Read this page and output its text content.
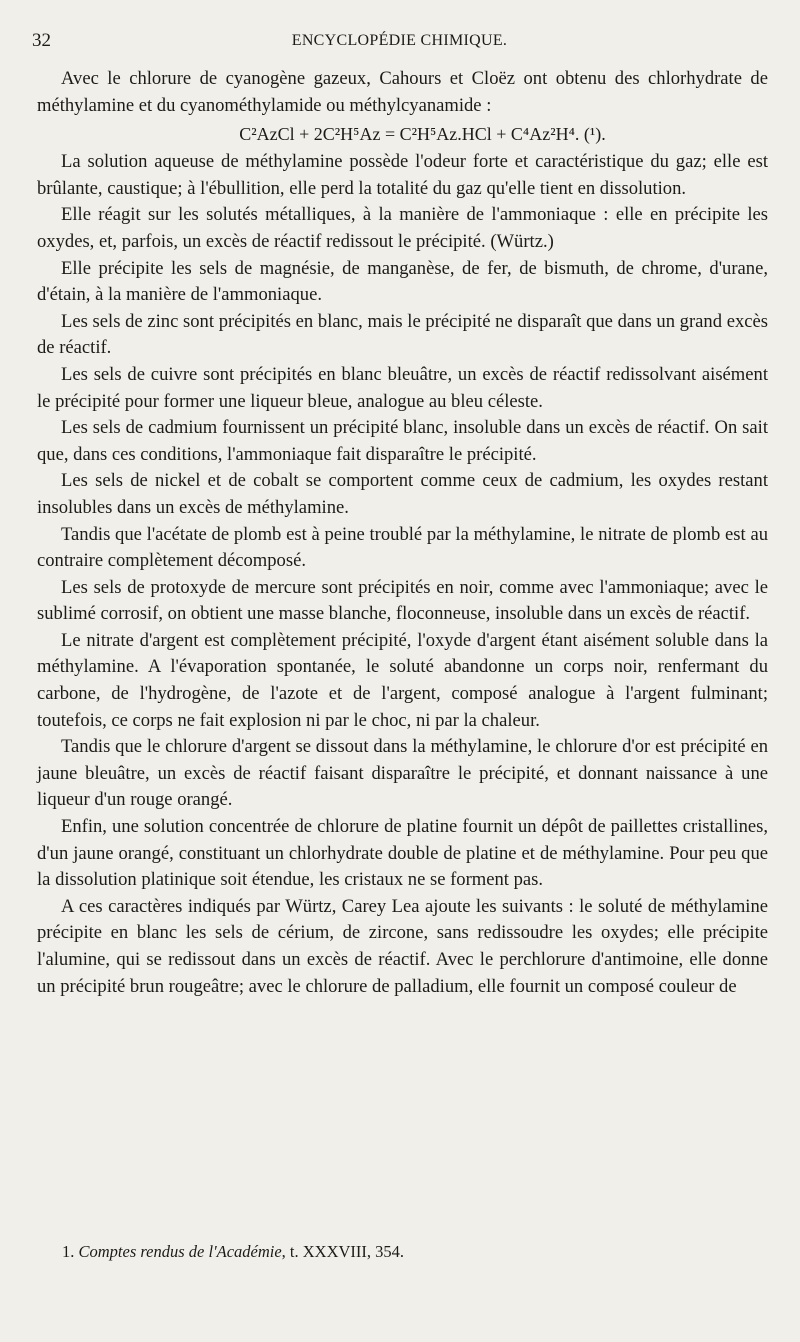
32	ENCYCLOPÉDIE CHIMIQUE.

Avec le chlorure de cyanogène gazeux, Cahours et Cloëz ont obtenu des chlorhydrate de méthylamine et du cyanométhylamide ou méthylcyanamide :

C²AzCl + 2C²H⁵Az = C²H⁵Az.HCl + C⁴Az²H⁴. (¹).

La solution aqueuse de méthylamine possède l'odeur forte et caractéristique du gaz; elle est brûlante, caustique; à l'ébullition, elle perd la totalité du gaz qu'elle tient en dissolution.

Elle réagit sur les solutés métalliques, à la manière de l'ammoniaque : elle en précipite les oxydes, et, parfois, un excès de réactif redissout le précipité. (Würtz.)

Elle précipite les sels de magnésie, de manganèse, de fer, de bismuth, de chrome, d'urane, d'étain, à la manière de l'ammoniaque.

Les sels de zinc sont précipités en blanc, mais le précipité ne disparaît que dans un grand excès de réactif.

Les sels de cuivre sont précipités en blanc bleuâtre, un excès de réactif redissolvant aisément le précipité pour former une liqueur bleue, analogue au bleu céleste.

Les sels de cadmium fournissent un précipité blanc, insoluble dans un excès de réactif. On sait que, dans ces conditions, l'ammoniaque fait disparaître le précipité.

Les sels de nickel et de cobalt se comportent comme ceux de cadmium, les oxydes restant insolubles dans un excès de méthylamine.

Tandis que l'acétate de plomb est à peine troublé par la méthylamine, le nitrate de plomb est au contraire complètement décomposé.

Les sels de protoxyde de mercure sont précipités en noir, comme avec l'ammoniaque; avec le sublimé corrosif, on obtient une masse blanche, floconneuse, insoluble dans un excès de réactif.

Le nitrate d'argent est complètement précipité, l'oxyde d'argent étant aisément soluble dans la méthylamine. A l'évaporation spontanée, le soluté abandonne un corps noir, renfermant du carbone, de l'hydrogène, de l'azote et de l'argent, composé analogue à l'argent fulminant; toutefois, ce corps ne fait explosion ni par le choc, ni par la chaleur.

Tandis que le chlorure d'argent se dissout dans la méthylamine, le chlorure d'or est précipité en jaune bleuâtre, un excès de réactif faisant disparaître le précipité, et donnant naissance à une liqueur d'un rouge orangé.

Enfin, une solution concentrée de chlorure de platine fournit un dépôt de paillettes cristallines, d'un jaune orangé, constituant un chlorhydrate double de platine et de méthylamine. Pour peu que la dissolution platinique soit étendue, les cristaux ne se forment pas.

A ces caractères indiqués par Würtz, Carey Lea ajoute les suivants : le soluté de méthylamine précipite en blanc les sels de cérium, de zircone, sans redissoudre les oxydes; elle précipite l'alumine, qui se redissout dans un excès de réactif. Avec le perchlorure d'antimoine, elle donne un précipité brun rougeâtre; avec le chlorure de palladium, elle fournit un composé couleur de

1. Comptes rendus de l'Académie, t. XXXVIII, 354.
